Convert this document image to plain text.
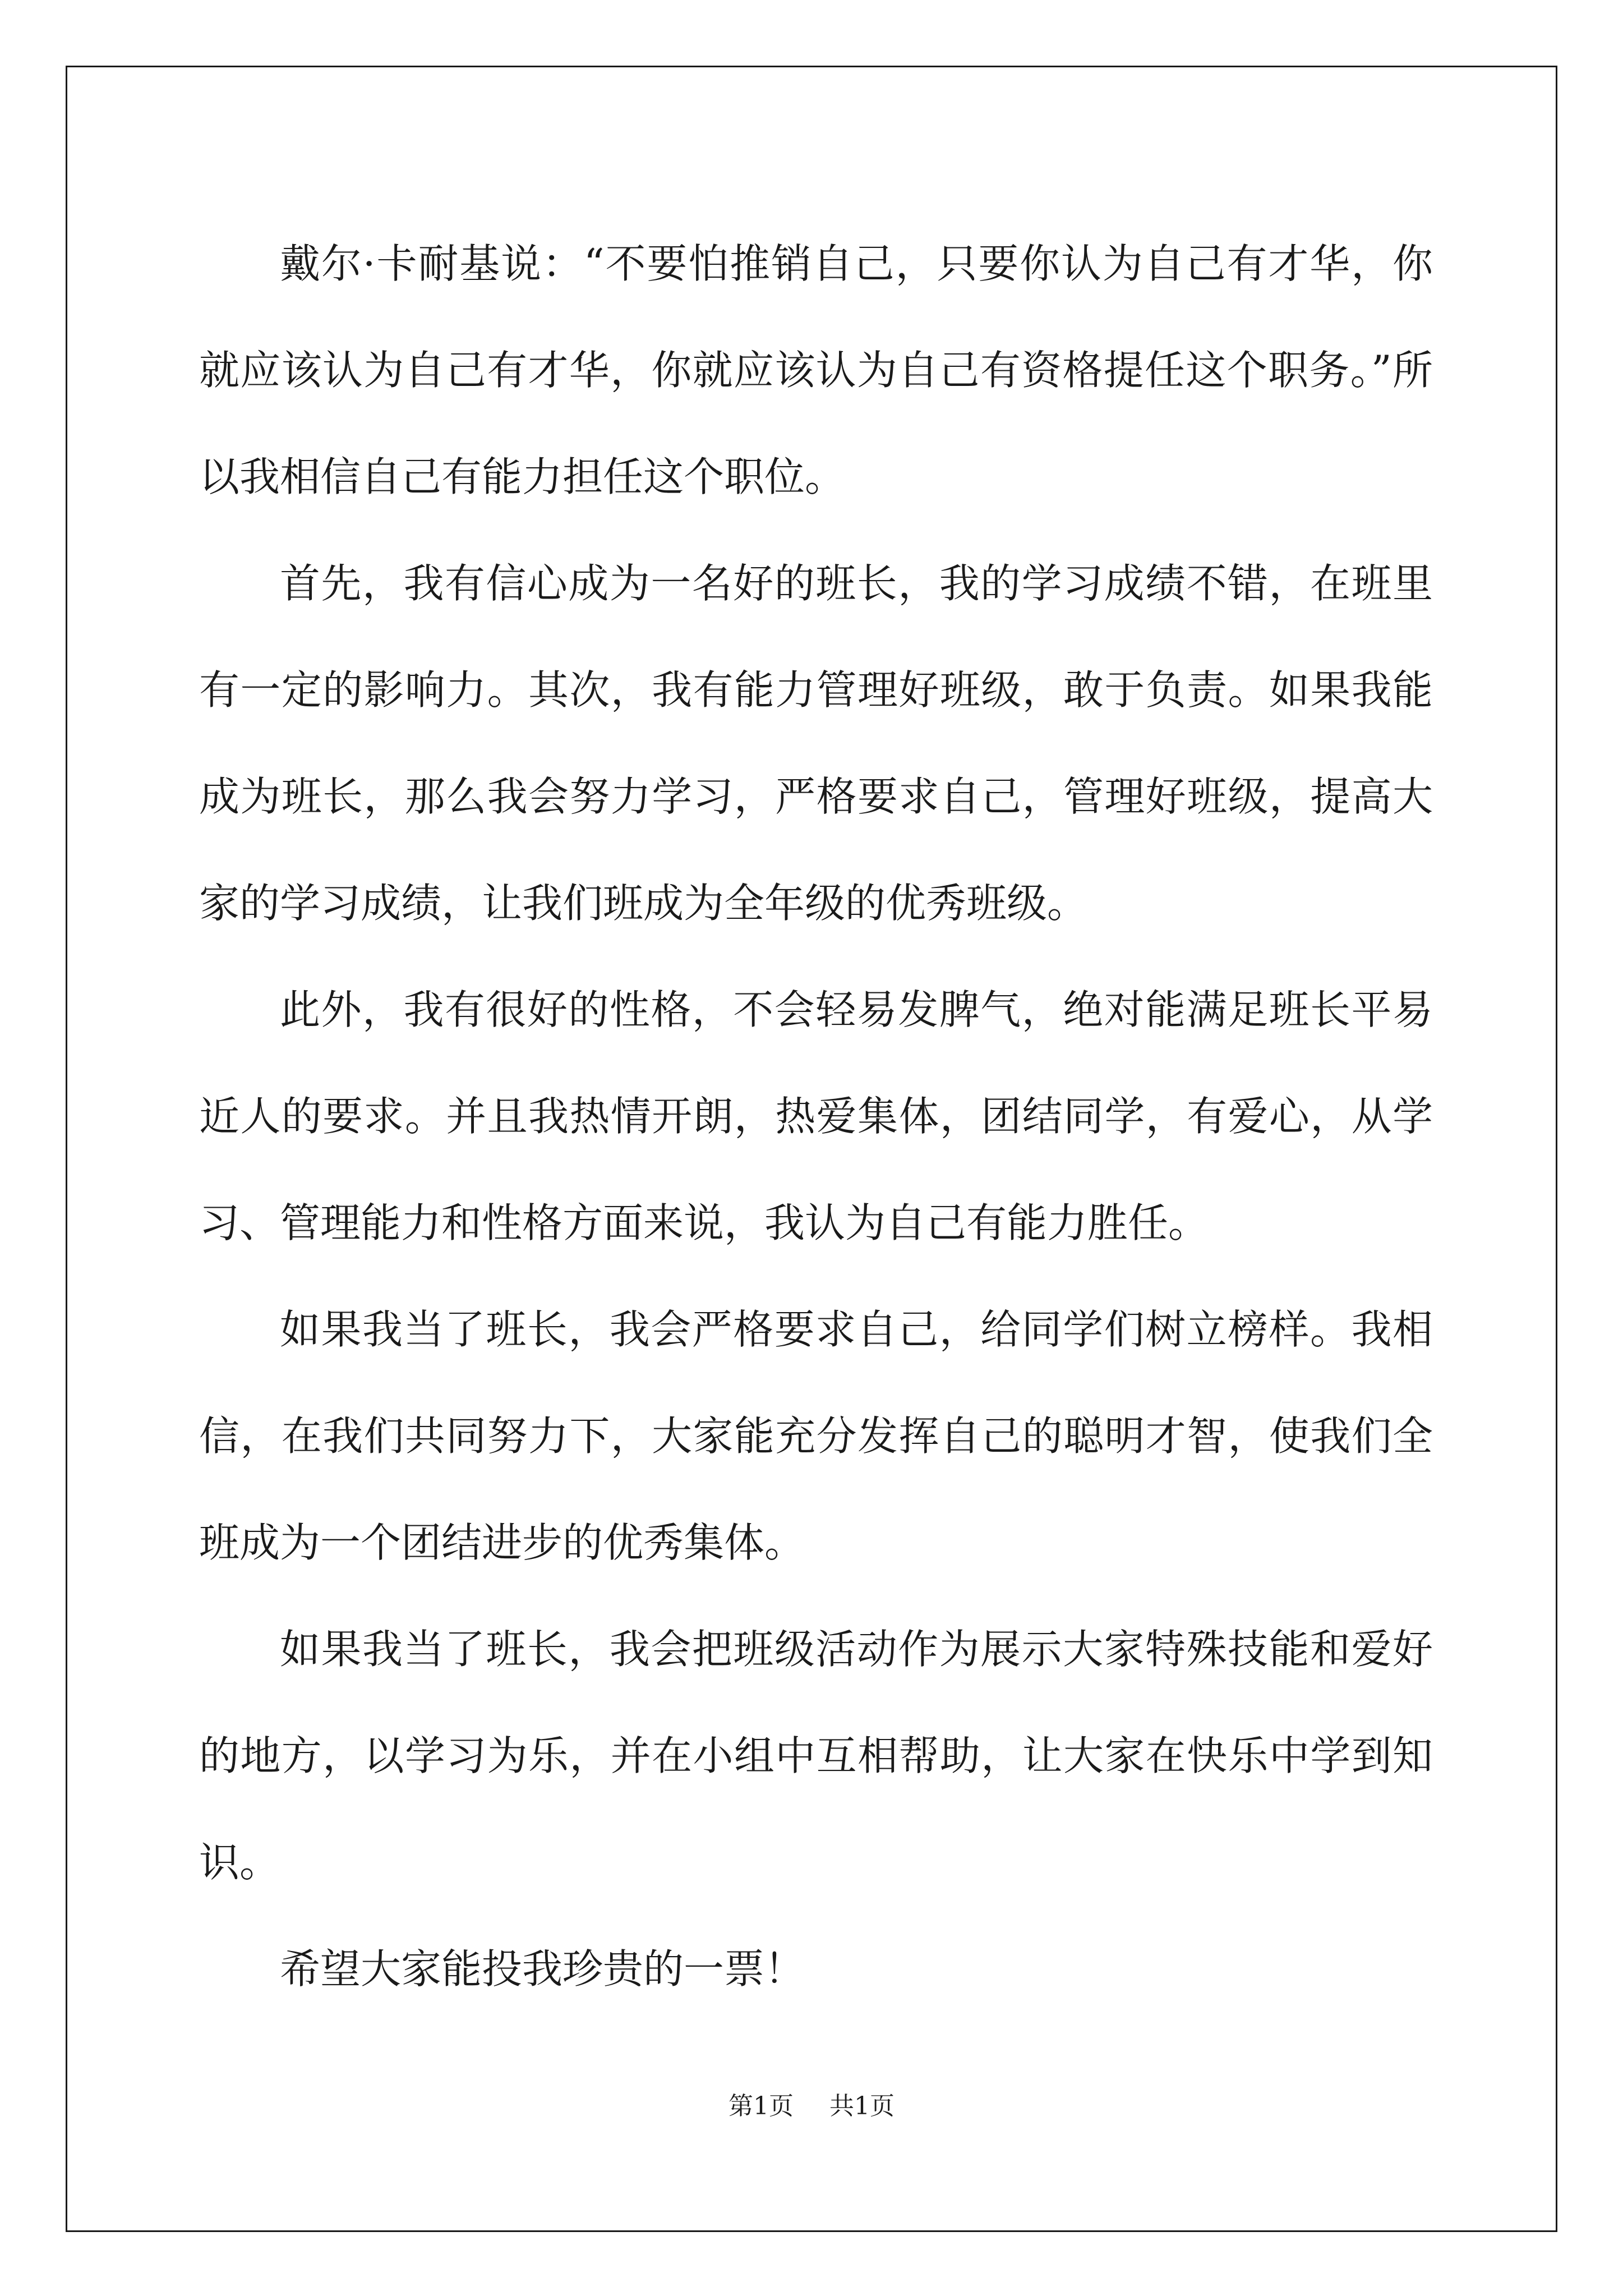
戴尔·卡耐基说：“不要怕推销自己，只要你认为自己有才华，你就应该认为自己有才华，你就应该认为自己有资格提任这个职务。”所以我相信自己有能力担任这个职位。

首先，我有信心成为一名好的班长，我的学习成绩不错，在班里有一定的影响力。其次，我有能力管理好班级，敢于负责。如果我能成为班长，那么我会努力学习，严格要求自己，管理好班级，提高大家的学习成绩，让我们班成为全年级的优秀班级。

此外，我有很好的性格，不会轻易发脾气，绝对能满足班长平易近人的要求。并且我热情开朗，热爱集体，团结同学，有爱心，从学习、管理能力和性格方面来说，我认为自己有能力胜任。

如果我当了班长，我会严格要求自己，给同学们树立榜样。我相信，在我们共同努力下，大家能充分发挥自己的聪明才智，使我们全班成为一个团结进步的优秀集体。

如果我当了班长，我会把班级活动作为展示大家特殊技能和爱好的地方，以学习为乐，并在小组中互相帮助，让大家在快乐中学到知识。

希望大家能投我珍贵的一票！

第1页 共1页
